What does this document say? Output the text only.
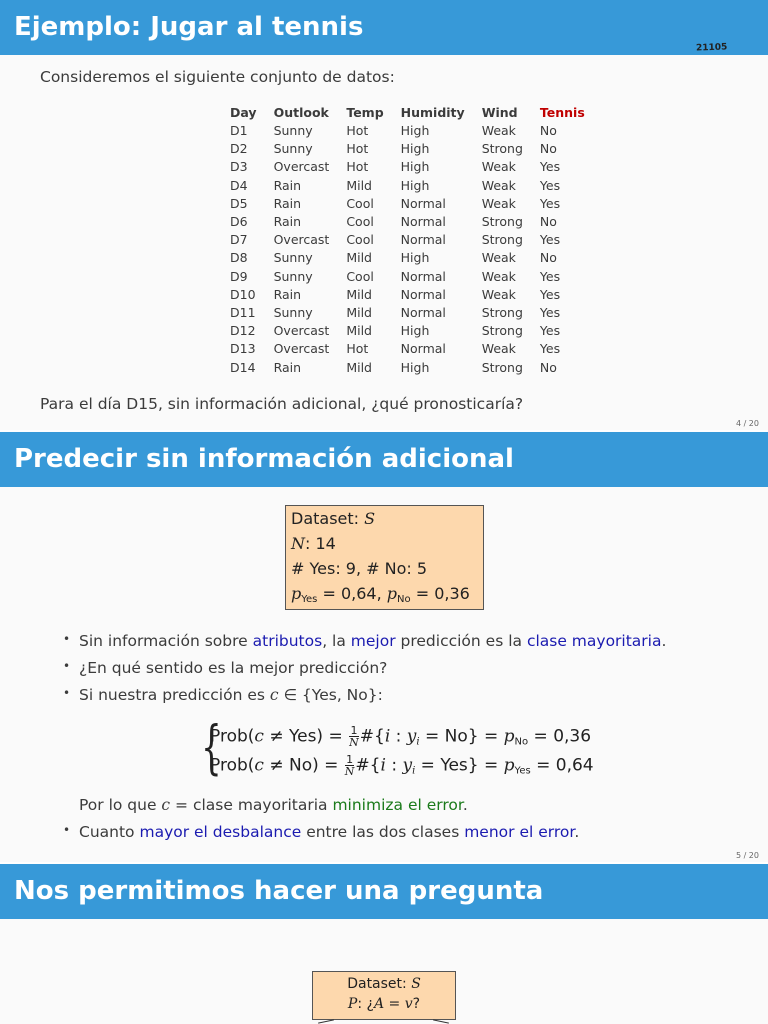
Ejemplo: Jugar al tennis
21105
Consideremos el siguiente conjunto de datos:
Day	Outlook	Temp	Humidity	Wind	Tennis
D1	Sunny	Hot	High	Weak	No
D2	Sunny	Hot	High	Strong	No
D3	Overcast	Hot	High	Weak	Yes
D4	Rain	Mild	High	Weak	Yes
D5	Rain	Cool	Normal	Weak	Yes
D6	Rain	Cool	Normal	Strong	No
D7	Overcast	Cool	Normal	Strong	Yes
D8	Sunny	Mild	High	Weak	No
D9	Sunny	Cool	Normal	Weak	Yes
D10	Rain	Mild	Normal	Weak	Yes
D11	Sunny	Mild	Normal	Strong	Yes
D12	Overcast	Mild	High	Strong	Yes
D13	Overcast	Hot	Normal	Weak	Yes
D14	Rain	Mild	High	Strong	No
Para el día D15, sin información adicional, ¿qué pronosticaría?
4 / 20
Predecir sin información adicional
Dataset: S
N: 14
# Yes: 9, # No: 5
$p_{Yes} = 0,64$, $p_{No} = 0,36$
• Sin información sobre atributos, la mejor predicción es la clase mayoritaria.
• ¿En qué sentido es la mejor predicción?
• Si nuestra predicción es c ∈ {Yes, No}:
{
Prob(c ≠ $Yes) = \frac{1}{N}$ #{i : $y_i = No\} = p_{No} = 0,36$
Prob(c ≠ $No) = \frac{1}{N}$ #{i : $y_i = Yes\} = p_{Yes} = 0,64$
Por lo que c = clase mayoritaria minimiza el error.
• Cuanto mayor el desbalance entre las dos clases menor el error.
5 / 20
Nos permitimos hacer una pregunta
Dataset: S
P: ¿A = v?
